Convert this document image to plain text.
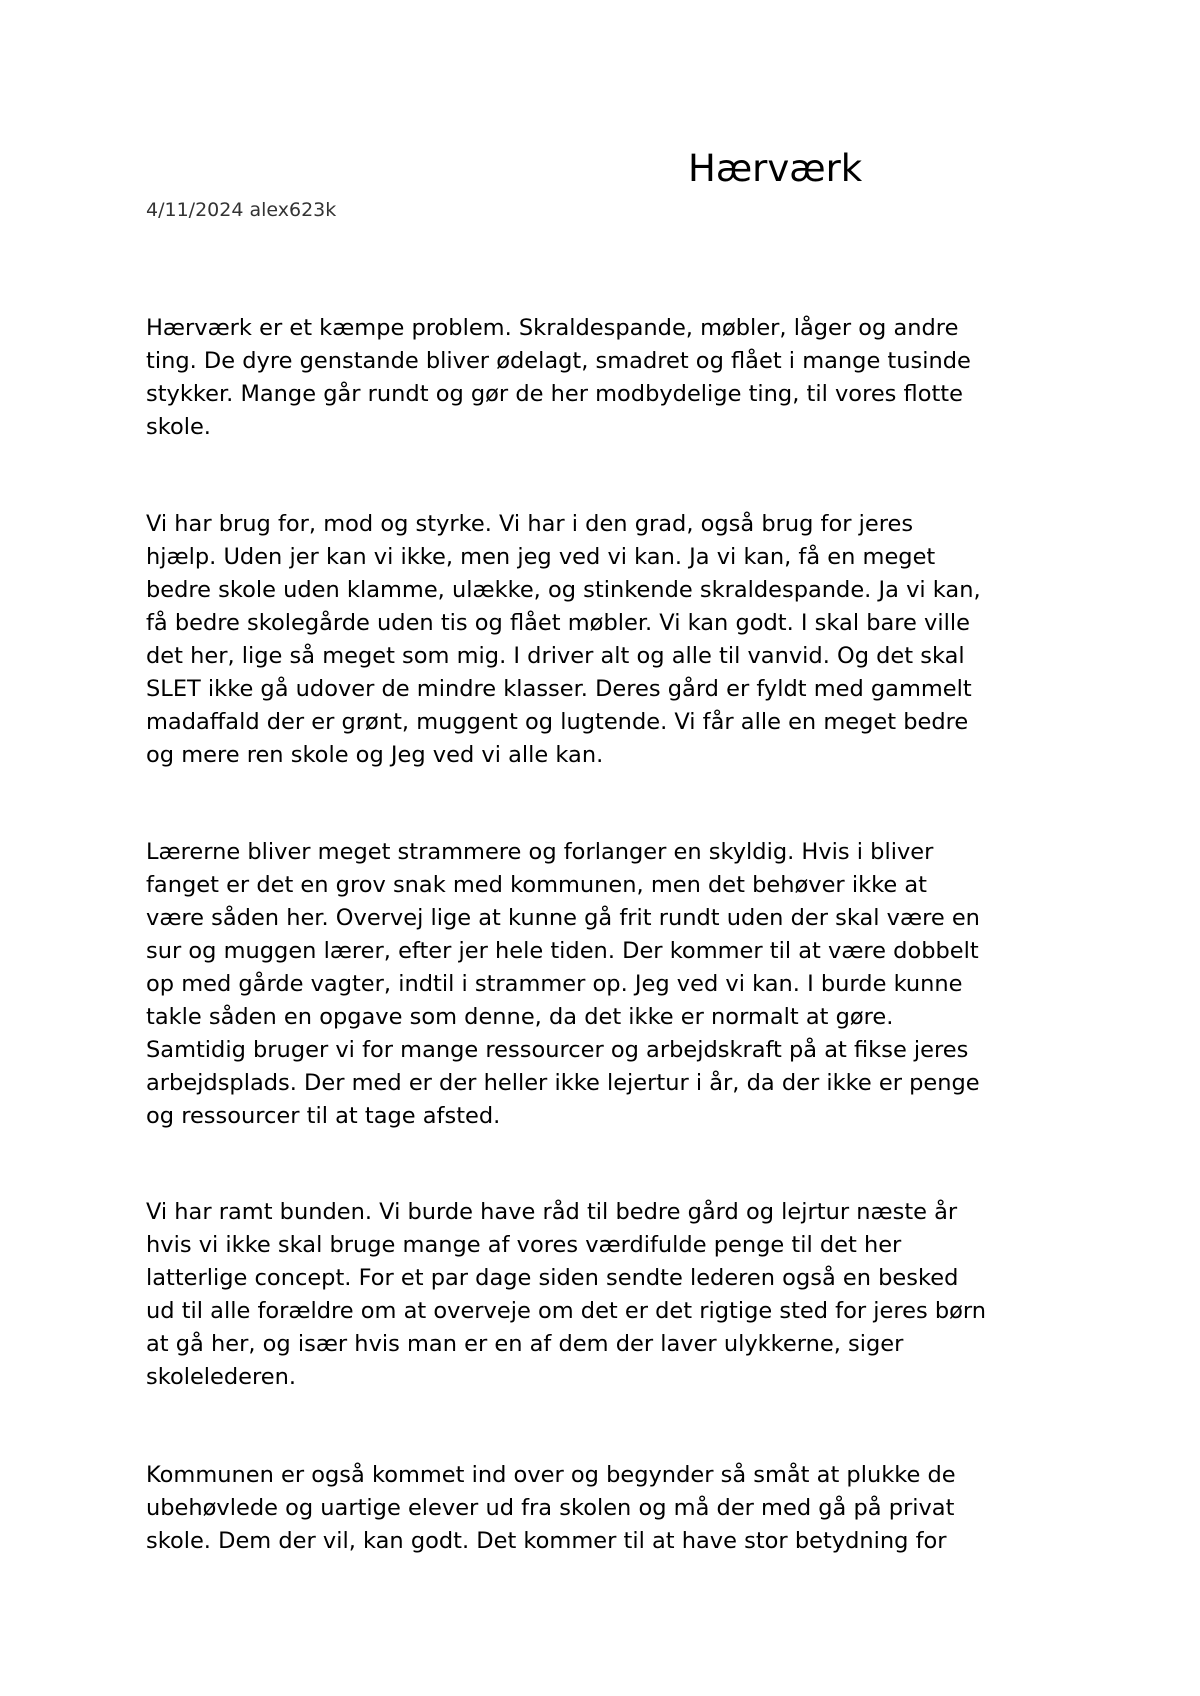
Hærværk
4/11/2024 alex623k

Hærværk er et kæmpe problem. Skraldespande, møbler, låger og andre
ting. De dyre genstande bliver ødelagt, smadret og flået i mange tusinde
stykker. Mange går rundt og gør de her modbydelige ting, til vores flotte
skole.

Vi har brug for, mod og styrke. Vi har i den grad, også brug for jeres
hjælp. Uden jer kan vi ikke, men jeg ved vi kan. Ja vi kan, få en meget
bedre skole uden klamme, ulække, og stinkende skraldespande. Ja vi kan,
få bedre skolegårde uden tis og flået møbler. Vi kan godt. I skal bare ville
det her, lige så meget som mig. I driver alt og alle til vanvid. Og det skal
SLET ikke gå udover de mindre klasser. Deres gård er fyldt med gammelt
madaffald der er grønt, muggent og lugtende. Vi får alle en meget bedre
og mere ren skole og Jeg ved vi alle kan.

Lærerne bliver meget strammere og forlanger en skyldig. Hvis i bliver
fanget er det en grov snak med kommunen, men det behøver ikke at
være såden her. Overvej lige at kunne gå frit rundt uden der skal være en
sur og muggen lærer, efter jer hele tiden. Der kommer til at være dobbelt
op med gårde vagter, indtil i strammer op. Jeg ved vi kan. I burde kunne
takle såden en opgave som denne, da det ikke er normalt at gøre.
Samtidig bruger vi for mange ressourcer og arbejdskraft på at fikse jeres
arbejdsplads. Der med er der heller ikke lejertur i år, da der ikke er penge
og ressourcer til at tage afsted.

Vi har ramt bunden. Vi burde have råd til bedre gård og lejrtur næste år
hvis vi ikke skal bruge mange af vores værdifulde penge til det her
latterlige concept. For et par dage siden sendte lederen også en besked
ud til alle forældre om at overveje om det er det rigtige sted for jeres børn
at gå her, og især hvis man er en af dem der laver ulykkerne, siger
skolelederen.

Kommunen er også kommet ind over og begynder så småt at plukke de
ubehøvlede og uartige elever ud fra skolen og må der med gå på privat
skole. Dem der vil, kan godt. Det kommer til at have stor betydning for
